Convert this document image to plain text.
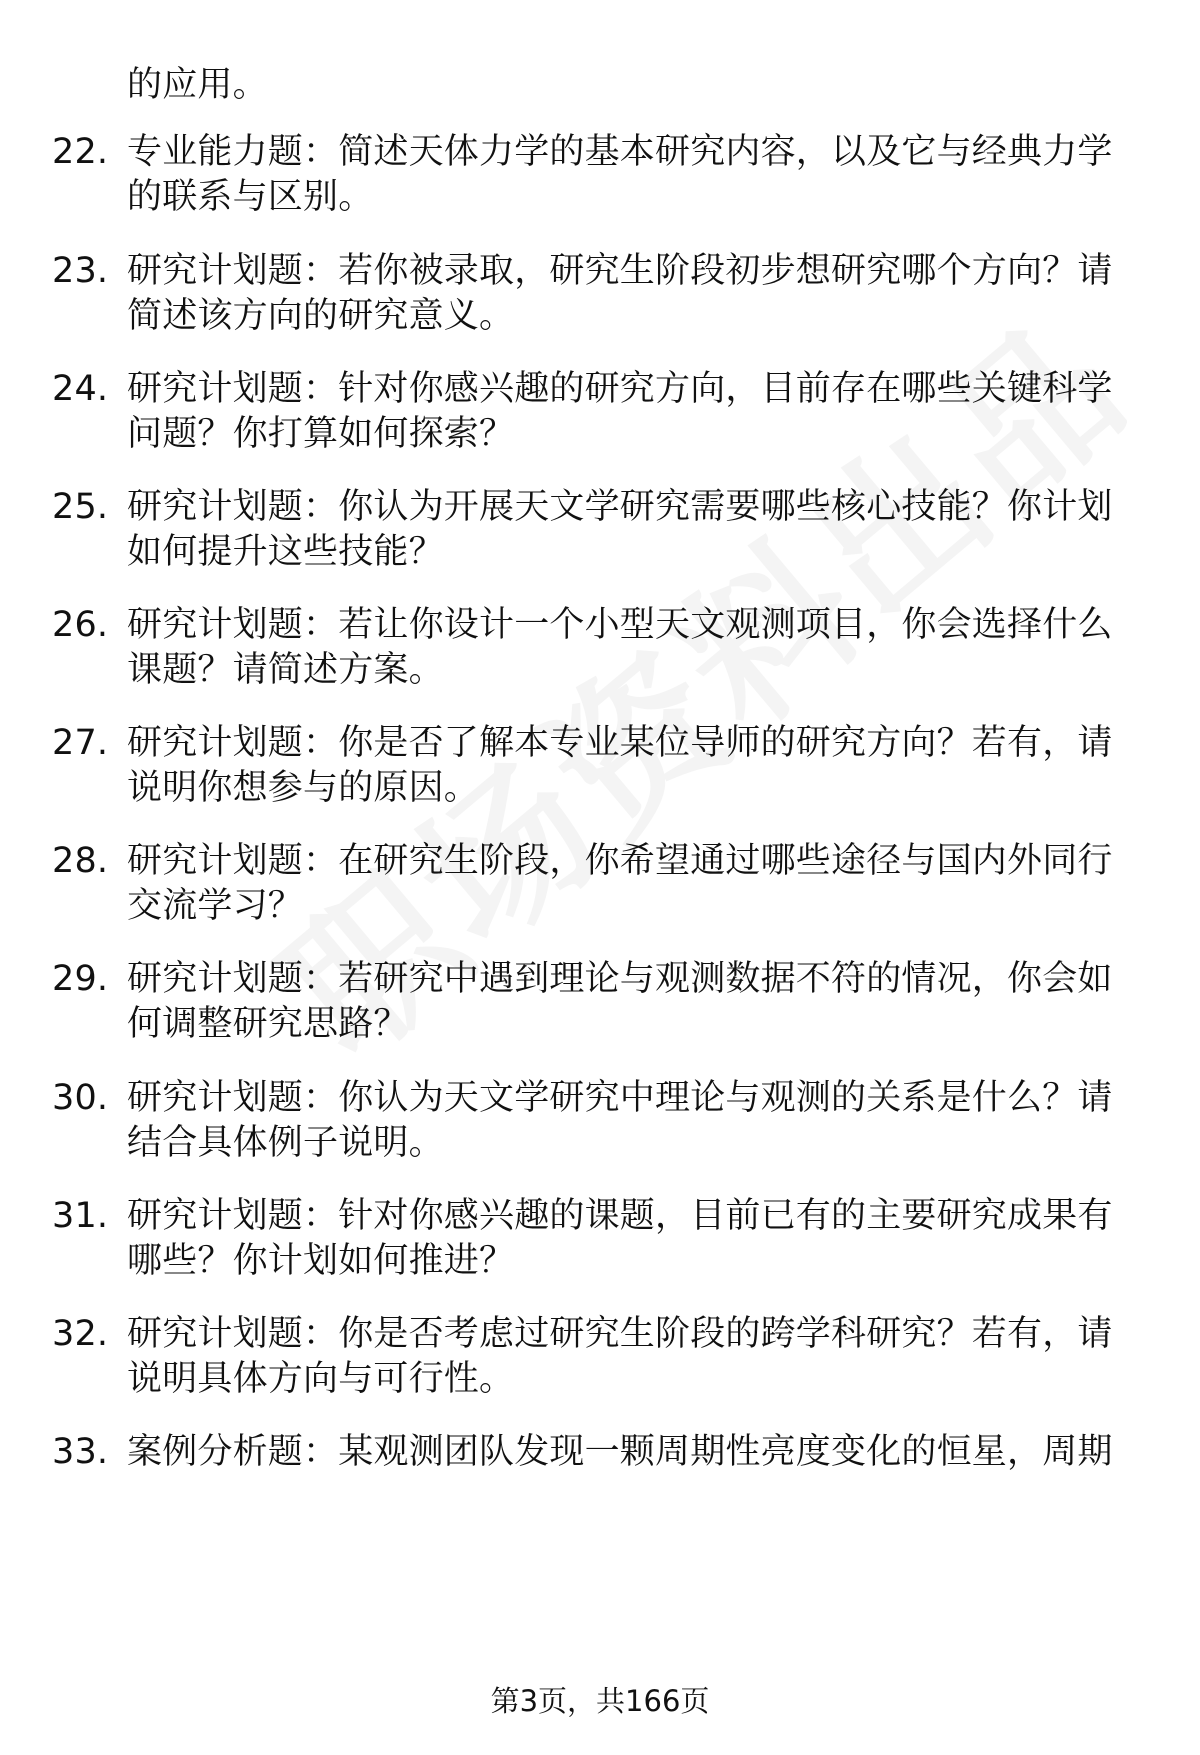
的应用。
22. 专业能力题：简述天体力学的基本研究内容，以及它与经典力学
的联系与区别。
23. 研究计划题：若你被录取，研究生阶段初步想研究哪个方向？请
简述该方向的研究意义。
24. 研究计划题：针对你感兴趣的研究方向，目前存在哪些关键科学
问题？你打算如何探索？
25. 研究计划题：你认为开展天文学研究需要哪些核心技能？你计划
如何提升这些技能？
26. 研究计划题：若让你设计一个小型天文观测项目，你会选择什么
课题？请简述方案。
27. 研究计划题：你是否了解本专业某位导师的研究方向？若有，请
说明你想参与的原因。
28. 研究计划题：在研究生阶段，你希望通过哪些途径与国内外同行
交流学习？
29. 研究计划题：若研究中遇到理论与观测数据不符的情况，你会如
何调整研究思路？
30. 研究计划题：你认为天文学研究中理论与观测的关系是什么？请
结合具体例子说明。
31. 研究计划题：针对你感兴趣的课题，目前已有的主要研究成果有
哪些？你计划如何推进？
32. 研究计划题：你是否考虑过研究生阶段的跨学科研究？若有，请
说明具体方向与可行性。
33. 案例分析题：某观测团队发现一颗周期性亮度变化的恒星，周期
第3页，共166页
